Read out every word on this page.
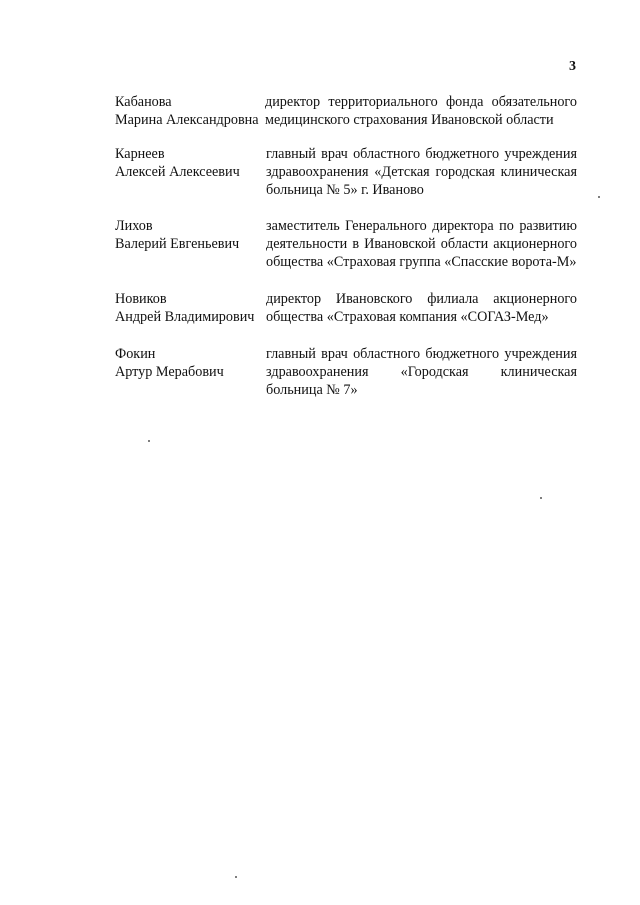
3
Кабанова
Марина Александровна
директор территориального фонда обязательного медицинского страхования Ивановской области
Карнеев
Алексей Алексеевич
главный врач областного бюджетного учреждения здравоохранения «Детская городская клиническая больница № 5» г. Иваново
Лихов
Валерий Евгеньевич
заместитель Генерального директора по развитию деятельности в Ивановской области акционерного общества «Страховая группа «Спасские ворота-М»
Новиков
Андрей Владимирович
директор Ивановского филиала акционерного общества «Страховая компания «СОГАЗ-Мед»
Фокин
Артур Мерабович
главный врач областного бюджетного учреждения здравоохранения «Городская клиническая больница № 7»
